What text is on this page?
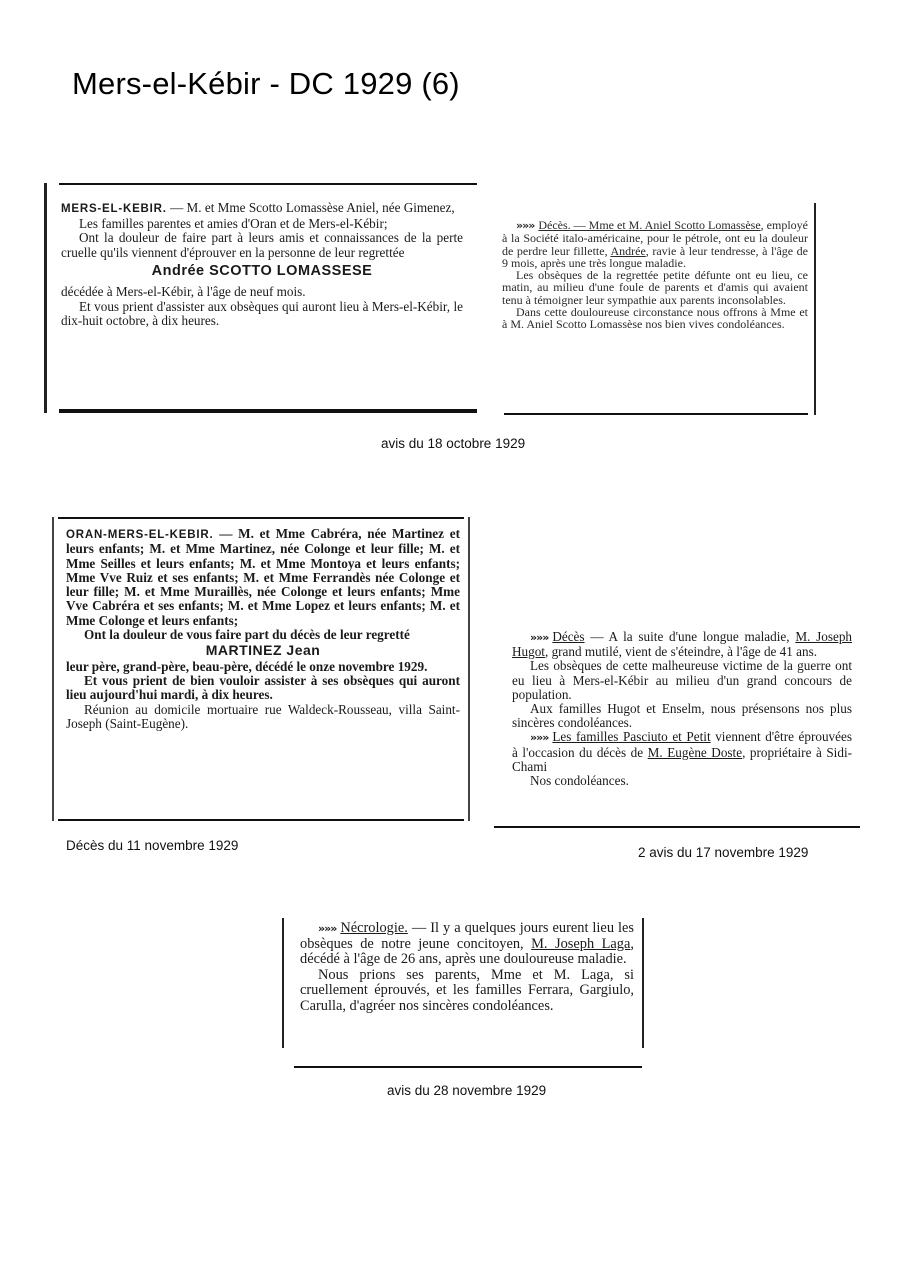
Mers-el-Kébir - DC 1929 (6)

MERS-EL-KEBIR. — M. et Mme Scotto Lomassèse Aniel, née Gimenez,

Les familles parentes et amies d'Oran et de Mers-el-Kébir;

Ont la douleur de faire part à leurs amis et connaissances de la perte cruelle qu'ils viennent d'éprouver en la personne de leur regrettée

Andrée SCOTTO LOMASSESE

décédée à Mers-el-Kébir, à l'âge de neuf mois.

Et vous prient d'assister aux obsèques qui auront lieu à Mers-el-Kébir, le dix-huit octobre, à dix heures.

»»» Décès. — Mme et M. Aniel Scotto Lomassèse, employé à la Société italo-américaine, pour le pétrole, ont eu la douleur de perdre leur fillette, Andrée, ravie à leur tendresse, à l'âge de 9 mois, après une très longue maladie.

Les obsèques de la regrettée petite défunte ont eu lieu, ce matin, au milieu d'une foule de parents et d'amis qui avaient tenu à témoigner leur sympathie aux parents inconsolables.

Dans cette douloureuse circonstance nous offrons à Mme et à M. Aniel Scotto Lomassèse nos bien vives condoléances.

avis du 18 octobre 1929

ORAN-MERS-EL-KEBIR. — M. et Mme Cabréra, née Martinez et leurs enfants; M. et Mme Martinez, née Colonge et leur fille; M. et Mme Seilles et leurs enfants; M. et Mme Montoya et leurs enfants; Mme Vve Ruiz et ses enfants; M. et Mme Ferrandès née Colonge et leur fille; M. et Mme Muraillès, née Colonge et leurs enfants; Mme Vve Cabréra et ses enfants; M. et Mme Lopez et leurs enfants; M. et Mme Colonge et leurs enfants;

Ont la douleur de vous faire part du décès de leur regretté

MARTINEZ Jean

leur père, grand-père, beau-père, décédé le onze novembre 1929.

Et vous prient de bien vouloir assister à ses obsèques qui auront lieu aujourd'hui mardi, à dix heures.

Réunion au domicile mortuaire rue Waldeck-Rousseau, villa Saint-Joseph (Saint-Eugène).

Décès du 11 novembre 1929

»»» Décès — A la suite d'une longue maladie, M. Joseph Hugot, grand mutilé, vient de s'éteindre, à l'âge de 41 ans.

Les obsèques de cette malheureuse victime de la guerre ont eu lieu à Mers-el-Kébir au milieu d'un grand concours de population.

Aux familles Hugot et Enselm, nous présensons nos plus sincères condoléances.

»»» Les familles Pasciuto et Petit viennent d'être éprouvées à l'occasion du décès de M. Eugène Doste, propriétaire à Sidi-Chami

Nos condoléances.

2 avis du 17 novembre 1929

»»» Nécrologie. — Il y a quelques jours eurent lieu les obsèques de notre jeune concitoyen, M. Joseph Laga, décédé à l'âge de 26 ans, après une douloureuse maladie.

Nous prions ses parents, Mme et M. Laga, si cruellement éprouvés, et les familles Ferrara, Gargiulo, Carulla, d'agréer nos sincères condoléances.

avis du 28 novembre 1929
